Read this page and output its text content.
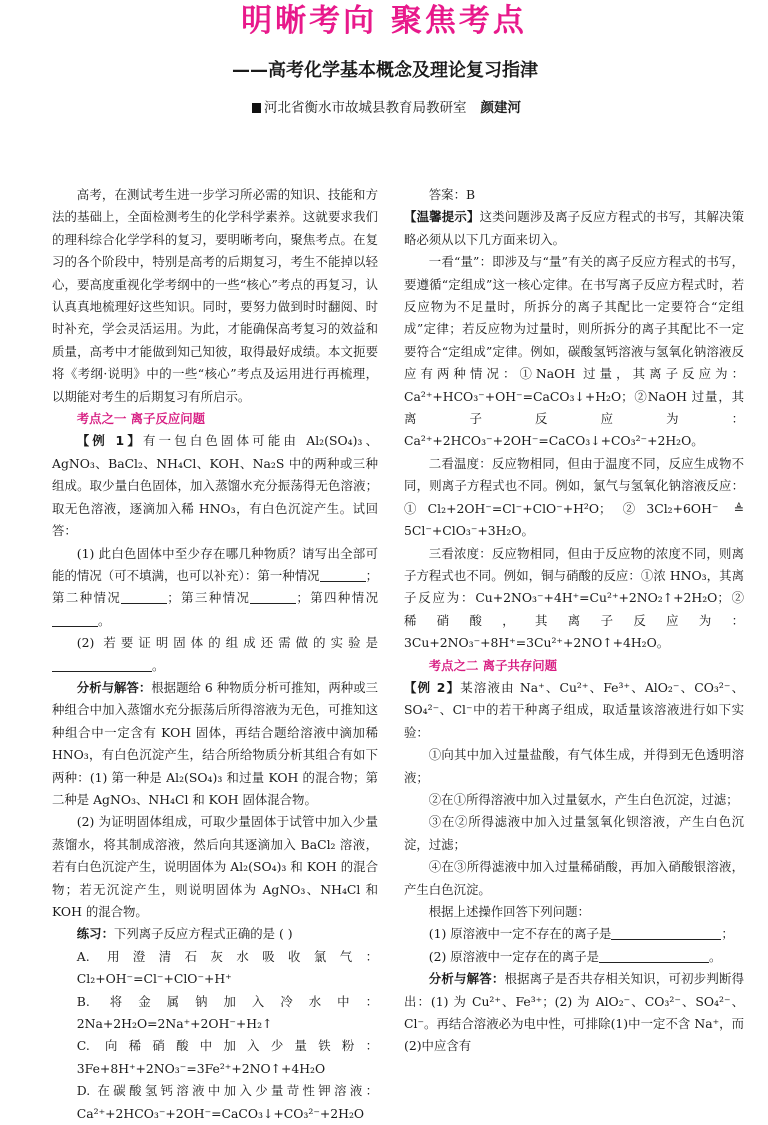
明晰考向 聚焦考点
——高考化学基本概念及理论复习指津
河北省衡水市故城县教育局教研室 颜建河

高考，在测试考生进一步学习所必需的知识、技能和方法的基础上，全面检测考生的化学科学素养。这就要求我们的理科综合化学学科的复习，要明晰考向，聚焦考点。在复习的各个阶段中，特别是高考的后期复习，考生不能掉以轻心，要高度重视化学考纲中的一些“核心”考点的再复习，认认真真地梳理好这些知识。同时，要努力做到时时翻阅、时时补充，学会灵活运用。为此，才能确保高考复习的效益和质量，高考中才能做到知己知彼，取得最好成绩。本文扼要将《考纲·说明》中的一些“核心”考点及运用进行再梳理，以期能对考生的后期复习有所启示。

考点之一 离子反应问题

【例 1】有一包白色固体可能由 Al₂(SO₄)₃、AgNO₃、BaCl₂、NH₄Cl、KOH、Na₂S 中的两种或三种组成。取少量白色固体，加入蒸馏水充分振荡得无色溶液；取无色溶液，逐滴加入稀 HNO₃，有白色沉淀产生。试回答：

(1) 此白色固体中至少存在哪几种物质？请写出全部可能的情况（可不填满，也可以补充）：第一种情况	；第二种情况	；第三种情况	；第四种情况。

(2) 若要证明固体的组成还需做的实验是。

分析与解答：根据题给 6 种物质分析可推知，两种或三种组合中加入蒸馏水充分振荡后所得溶液为无色，可推知这种组合中一定含有 KOH 固体，再结合题给溶液中滴加稀 HNO₃，有白色沉淀产生，结合所给物质分析其组合有如下两种：(1) 第一种是 Al₂(SO₄)₃ 和过量 KOH 的混合物；第二种是 AgNO₃、NH₄Cl 和 KOH 固体混合物。

(2) 为证明固体组成，可取少量固体于试管中加入少量蒸馏水，将其制成溶液，然后向其逐滴加入 BaCl₂ 溶液，若有白色沉淀产生，说明固体为 Al₂(SO₄)₃ 和 KOH 的混合物；若无沉淀产生，则说明固体为 AgNO₃、NH₄Cl 和 KOH 的混合物。

练习：下列离子反应方程式正确的是 ( )

A. 用澄清石灰水吸收氯气：Cl₂+OH⁻=Cl⁻+ClO⁻+H⁺

B. 将金属钠加入冷水中：2Na+2H₂O=2Na⁺+2OH⁻+H₂↑

C. 向稀硝酸中加入少量铁粉：3Fe+8H⁺+2NO₃⁻=3Fe²⁺+2NO↑+4H₂O

D. 在碳酸氢钙溶液中加入少量苛性钾溶液：Ca²⁺+2HCO₃⁻+2OH⁻=CaCO₃↓+CO₃²⁻+2H₂O

答案：B

【温馨提示】这类问题涉及离子反应方程式的书写，其解决策略必须从以下几方面来切入。

一看“量”：即涉及与“量”有关的离子反应方程式的书写，要遵循“定组成”这一核心定律。在书写离子反应方程式时，若反应物为不足量时，所拆分的离子其配比一定要符合“定组成”定律；若反应物为过量时，则所拆分的离子其配比不一定要符合“定组成”定律。例如，碳酸氢钙溶液与氢氧化钠溶液反应有两种情况：①NaOH 过量，其离子反应为：Ca²⁺+HCO₃⁻+OH⁻=CaCO₃↓+H₂O；②NaOH 过量，其离子反应为：Ca²⁺+2HCO₃⁻+2OH⁻=CaCO₃↓+CO₃²⁻+2H₂O。

二看温度：反应物相同，但由于温度不同，反应生成物不同，则离子方程式也不同。例如，氯气与氢氧化钠溶液反应：①Cl₂+2OH⁻=Cl⁻+ClO⁻+H²O；②3Cl₂+6OH⁻ ≜ 5Cl⁻+ClO₃⁻+3H₂O。

三看浓度：反应物相同，但由于反应物的浓度不同，则离子方程式也不同。例如，铜与硝酸的反应：①浓 HNO₃，其离子反应为：Cu+2NO₃⁻+4H⁺=Cu²⁺+2NO₂↑+2H₂O；②稀硝酸，其离子反应为：3Cu+2NO₃⁻+8H⁺=3Cu²⁺+2NO↑+4H₂O。

考点之二 离子共存问题

【例 2】某溶液由 Na⁺、Cu²⁺、Fe³⁺、AlO₂⁻、CO₃²⁻、SO₄²⁻、Cl⁻中的若干种离子组成，取适量该溶液进行如下实验：

①向其中加入过量盐酸，有气体生成，并得到无色透明溶液；

②在①所得溶液中加入过量氨水，产生白色沉淀，过滤；

③在②所得滤液中加入过量氢氧化钡溶液，产生白色沉淀，过滤；

④在③所得滤液中加入过量稀硝酸，再加入硝酸银溶液，产生白色沉淀。

根据上述操作回答下列问题：

(1) 原溶液中一定不存在的离子是	；

(2) 原溶液中一定存在的离子是	。

分析与解答：根据离子是否共存相关知识，可初步判断得出：(1) 为 Cu²⁺、Fe³⁺；(2) 为 AlO₂⁻、CO₃²⁻、SO₄²⁻、Cl⁻。再结合溶液必为电中性，可排除(1)中一定不含 Na⁺，而(2)中应含有
